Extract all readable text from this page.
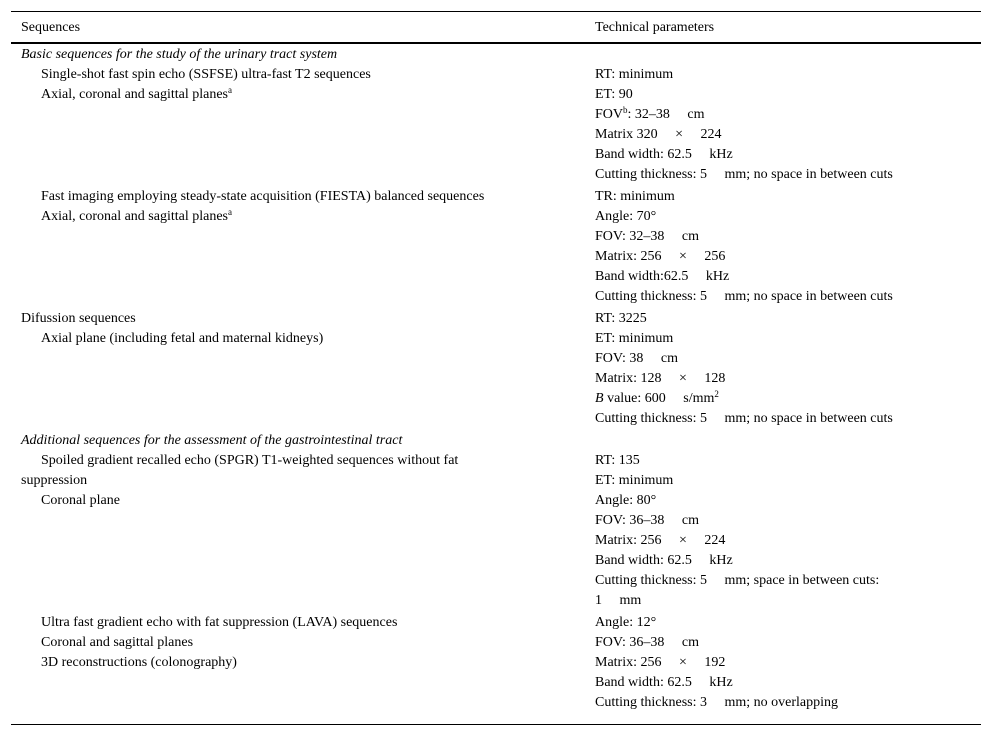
Sequences	Technical parameters
Basic sequences for the study of the urinary tract system
Single-shot fast spin echo (SSFSE) ultra-fast T2 sequences	RT: minimum
Axial, coronal and sagittal planes$^a$	ET: 90
FOV$^b$: 32–38     cm
Matrix 320     ×     224
Band width: 62.5     kHz
Cutting thickness: 5     mm; no space in between cuts
Fast imaging employing steady-state acquisition (FIESTA) balanced sequences	TR: minimum
Axial, coronal and sagittal planes$^a$	Angle: 70°
FOV: 32–38     cm
Matrix: 256     ×     256
Band width:62.5     kHz
Cutting thickness: 5     mm; no space in between cuts
Difussion sequences	RT: 3225
Axial plane (including fetal and maternal kidneys)	ET: minimum
FOV: 38     cm
Matrix: 128     ×     128
B value: 600     $s/mm^2$
Cutting thickness: 5     mm; no space in between cuts
Additional sequences for the assessment of the gastrointestinal tract
Spoiled gradient recalled echo (SPGR) T1-weighted sequences without fat	RT: 135
suppression	ET: minimum
Coronal plane	Angle: 80°
FOV: 36–38     cm
Matrix: 256     ×     224
Band width: 62.5     kHz
Cutting thickness: 5     mm; space in between cuts:
1     mm
Ultra fast gradient echo with fat suppression (LAVA) sequences	Angle: 12°
Coronal and sagittal planes	FOV: 36–38     cm
3D reconstructions (colonography)	Matrix: 256     ×     192
Band width: 62.5     kHz
Cutting thickness: 3     mm; no overlapping
